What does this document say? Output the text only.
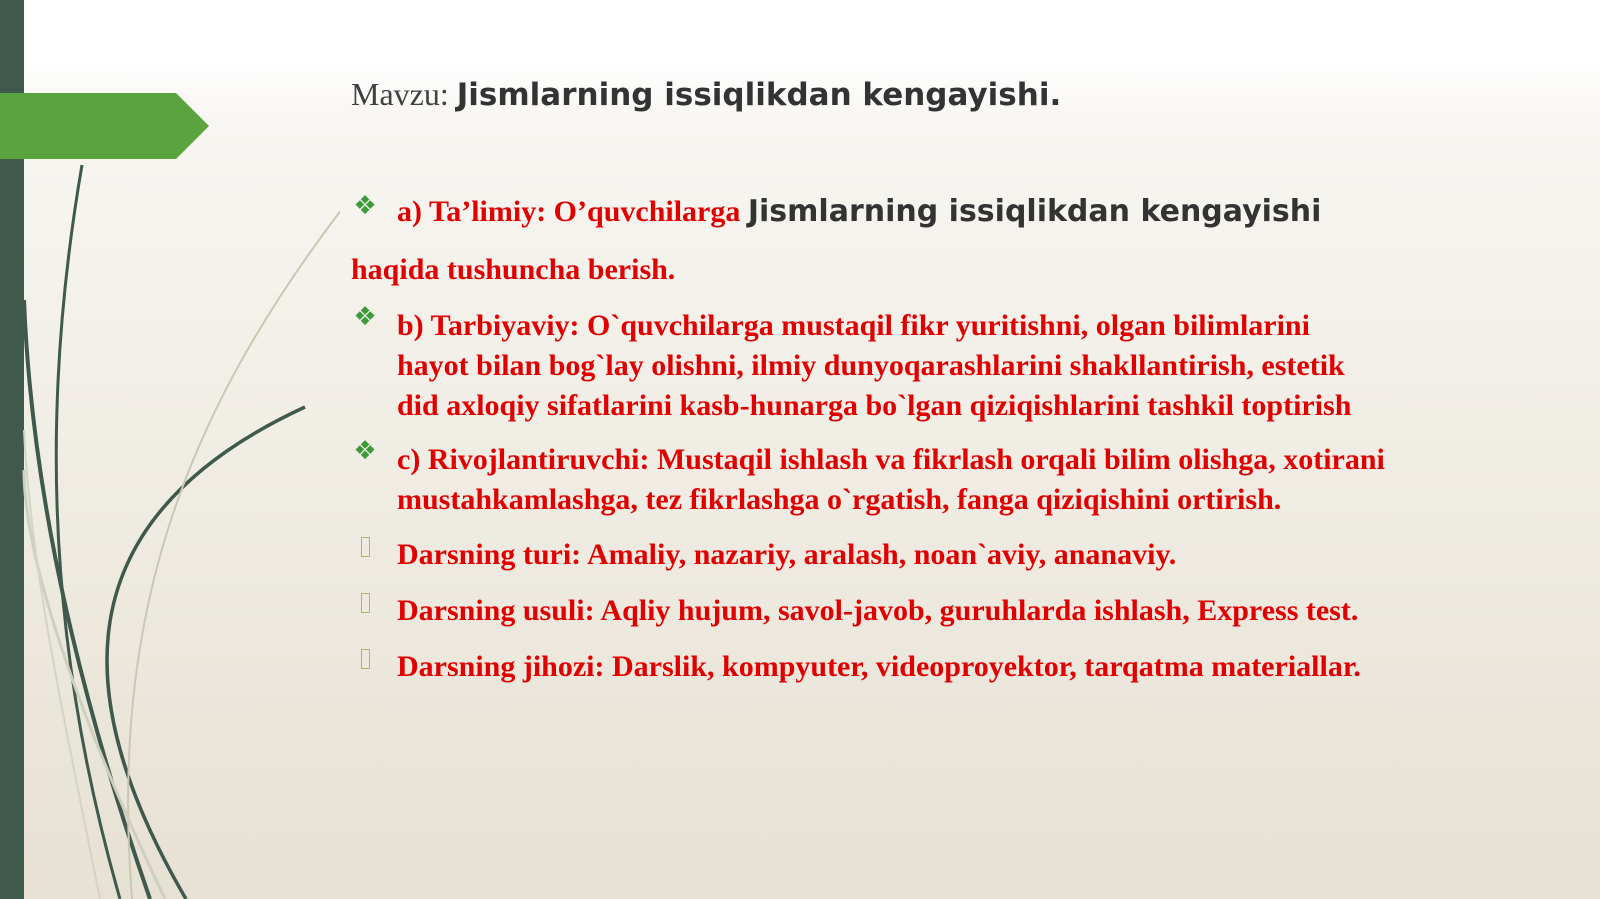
Mavzu: Jismlarning issiqlikdan kengayishi.
❖ a) Ta’limiy: O’quvchilarga Jismlarning issiqlikdan kengayishi
haqida tushuncha berish.
❖ b) Tarbiyaviy: O`quvchilarga mustaqil fikr yuritishni, olgan bilimlarini
hayot bilan bog`lay olishni, ilmiy dunyoqarashlarini shakllantirish, estetik
did axloqiy sifatlarini kasb-hunarga bo`lgan qiziqishlarini tashkil toptirish
❖ c) Rivojlantiruvchi: Mustaqil ishlash va fikrlash orqali bilim olishga, xotirani
mustahkamlashga, tez fikrlashga o`rgatish, fanga qiziqishini ortirish.
Darsning turi: Amaliy, nazariy, aralash, noan`aviy, ananaviy.
Darsning usuli: Aqliy hujum, savol-javob, guruhlarda ishlash, Express test.
Darsning jihozi: Darslik, kompyuter, videoproyektor, tarqatma materiallar.
